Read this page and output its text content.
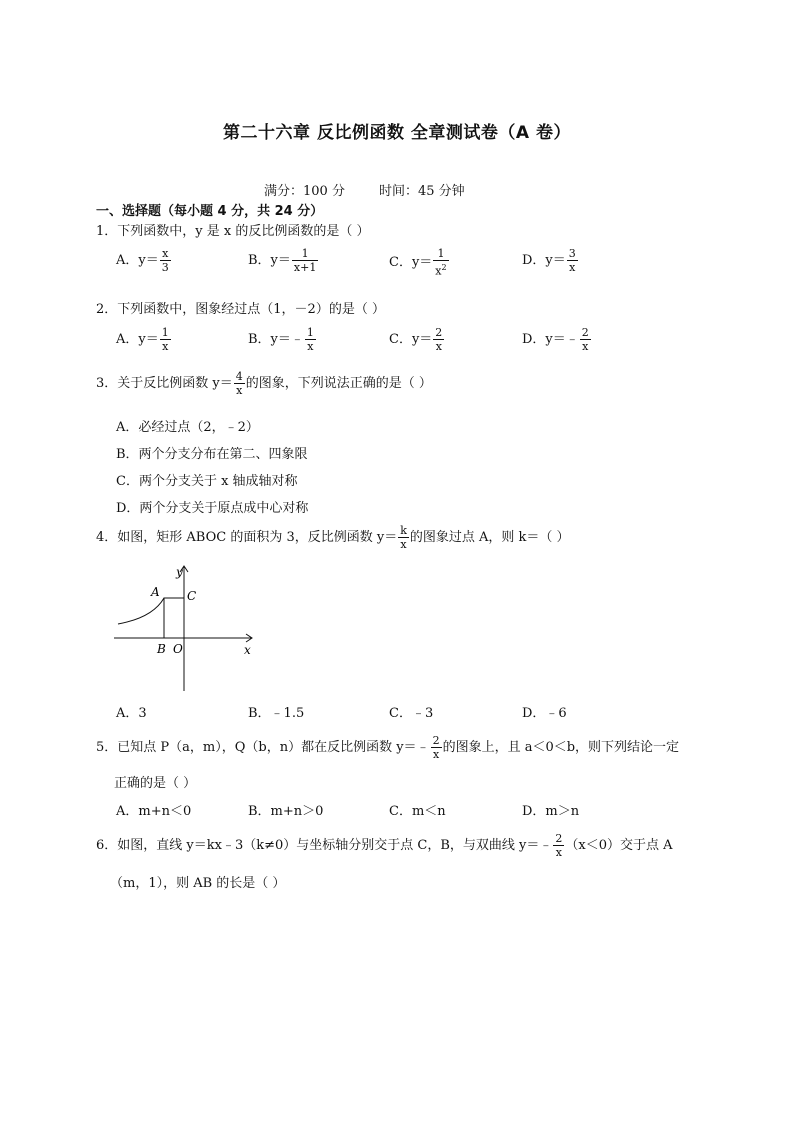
第二十六章 反比例函数 全章测试卷（A 卷）
满分：100 分	时间：45 分钟
一、选择题（每小题 4 分，共 24 分）
1．下列函数中，y 是 x 的反比例函数的是（ ）
A．$y= \frac{x}{3}$	B．$y= \frac{1}{x+1}$	C．$y= \frac{1}{x^2}$	D．$y= \frac{3}{x}$
2．下列函数中，图象经过点（1，－2）的是（ ）
A．$y= \frac{1}{x}$	B．y＝﹣ $\frac{1}{x}$	C．$y= \frac{2}{x}$	D．y＝﹣ $\frac{2}{x}$
3．关于反比例函数 $y= \frac{4}{x}$ 的图象，下列说法正确的是（ ）
A．必经过点（2，﹣2）
B．两个分支分布在第二、四象限
C．两个分支关于 x 轴成轴对称
D．两个分支关于原点成中心对称
4．如图，矩形 ABOC 的面积为 3，反比例函数 $y= \frac{k}{x}$ 的图象过点 A，则 k＝（ ）
y
x
A C
B O
A．3	B．﹣1.5	C．﹣3	D．﹣6
5．已知点 P（a，m），Q（b，n）都在反比例函数 y＝﹣ $\frac{2}{x}$ 的图象上，且 a＜0＜b，则下列结论一定
正确的是（ ）
A．m+n＜0	B．m+n＞0	C．m＜n	D．m＞n
6．如图，直线 y＝kx﹣3（k≠0）与坐标轴分别交于点 C，B，与双曲线 y＝﹣ $\frac{2}{x} (x<0)$交于点 A
（m，1），则 AB 的长是（ ）
